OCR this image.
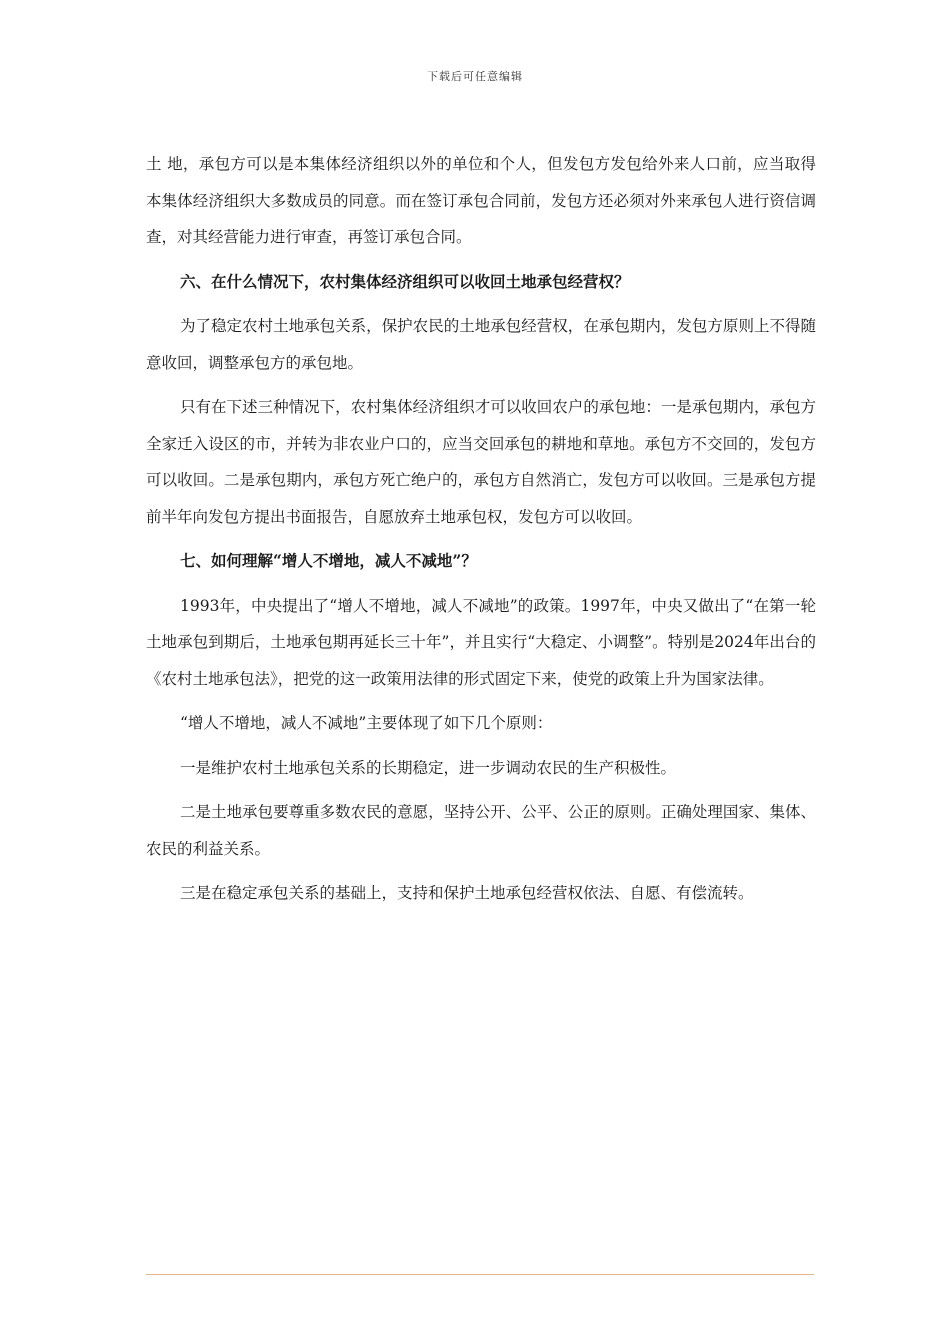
下载后可任意编辑

土 地，承包方可以是本集体经济组织以外的单位和个人，但发包方发包给外来人口前，应当取得本集体经济组织大多数成员的同意。而在签订承包合同前，发包方还必须对外来承包人进行资信调查，对其经营能力进行审查，再签订承包合同。

六、在什么情况下，农村集体经济组织可以收回土地承包经营权？

为了稳定农村土地承包关系，保护农民的土地承包经营权，在承包期内，发包方原则上不得随意收回，调整承包方的承包地。

只有在下述三种情况下，农村集体经济组织才可以收回农户的承包地：一是承包期内，承包方全家迁入设区的市，并转为非农业户口的，应当交回承包的耕地和草地。承包方不交回的，发包方可以收回。二是承包期内，承包方死亡绝户的，承包方自然消亡，发包方可以收回。三是承包方提前半年向发包方提出书面报告，自愿放弃土地承包权，发包方可以收回。

七、如何理解“增人不增地，减人不减地”？

1993年，中央提出了“增人不增地，减人不减地”的政策。1997年，中央又做出了“在第一轮土地承包到期后，土地承包期再延长三十年”，并且实行“大稳定、小调整”。特别是2024年出台的《农村土地承包法》，把党的这一政策用法律的形式固定下来，使党的政策上升为国家法律。

“增人不增地，减人不减地”主要体现了如下几个原则：

一是维护农村土地承包关系的长期稳定，进一步调动农民的生产积极性。

二是土地承包要尊重多数农民的意愿，坚持公开、公平、公正的原则。正确处理国家、集体、农民的利益关系。

三是在稳定承包关系的基础上，支持和保护土地承包经营权依法、自愿、有偿流转。
